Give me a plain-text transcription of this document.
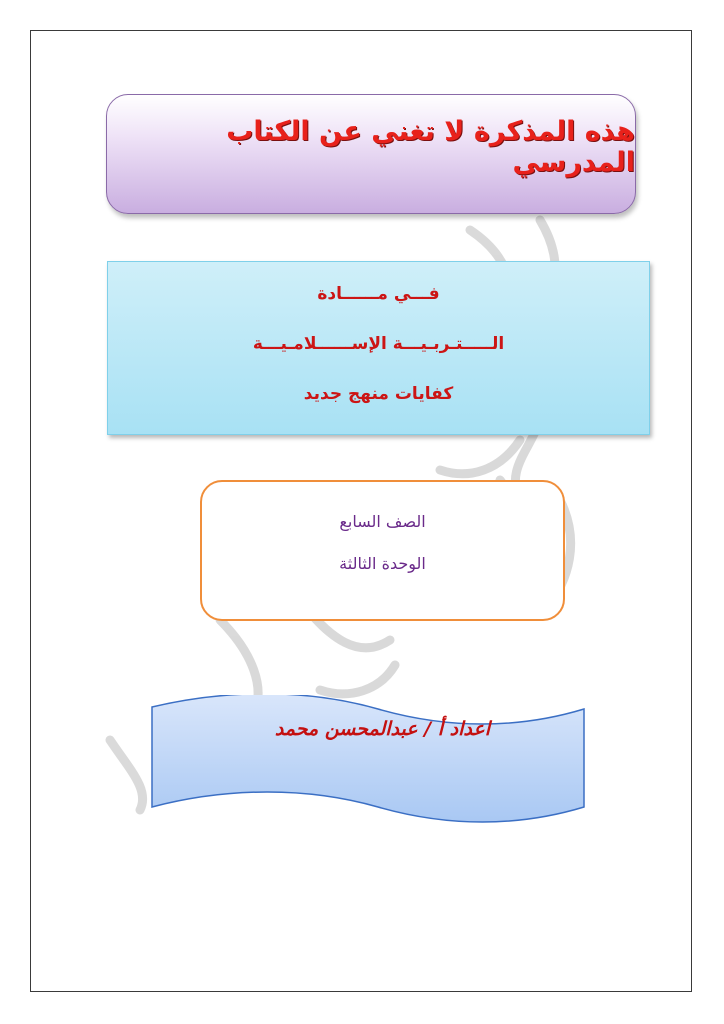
هذه المذكرة لا تغني عن الكتاب المدرسي
فـــي مــــــادة
الـــــتـربـيـــة الإســــــلامـيـــة
كفايات منهج جديد
الصف السابع
الوحدة الثالثة
اعداد أ / عبدالمحسن محمد
